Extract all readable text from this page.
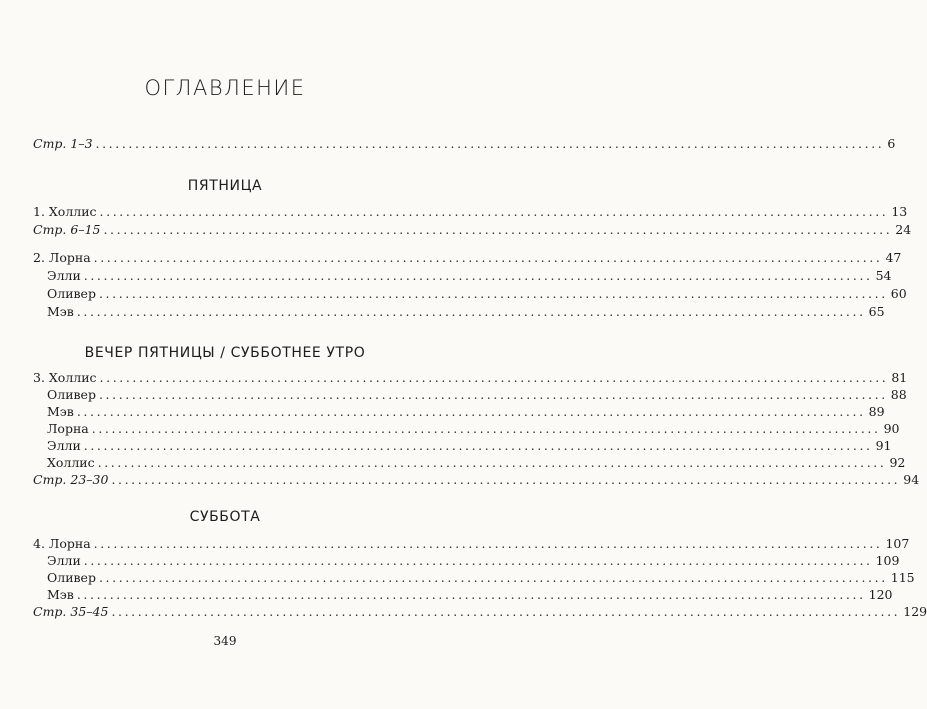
ОГЛАВЛЕНИЕ
Стр. 1–3 ........................................................................................................................ 6
ПЯТНИЦА
1. Холлис ........................................................................................................................ 13
Стр. 6–15 ........................................................................................................................ 24
2. Лорна ........................................................................................................................ 47
Элли ........................................................................................................................ 54
Оливер ........................................................................................................................ 60
Мэв ........................................................................................................................ 65
ВЕЧЕР ПЯТНИЦЫ / СУББОТНЕЕ УТРО
3. Холлис ........................................................................................................................ 81
Оливер ........................................................................................................................ 88
Мэв ........................................................................................................................ 89
Лорна ........................................................................................................................ 90
Элли ........................................................................................................................ 91
Холлис ........................................................................................................................ 92
Стр. 23–30 ........................................................................................................................ 94
СУББОТА
4. Лорна ........................................................................................................................ 107
Элли ........................................................................................................................ 109
Оливер ........................................................................................................................ 115
Мэв ........................................................................................................................ 120
Стр. 35–45 ........................................................................................................................ 129
349
